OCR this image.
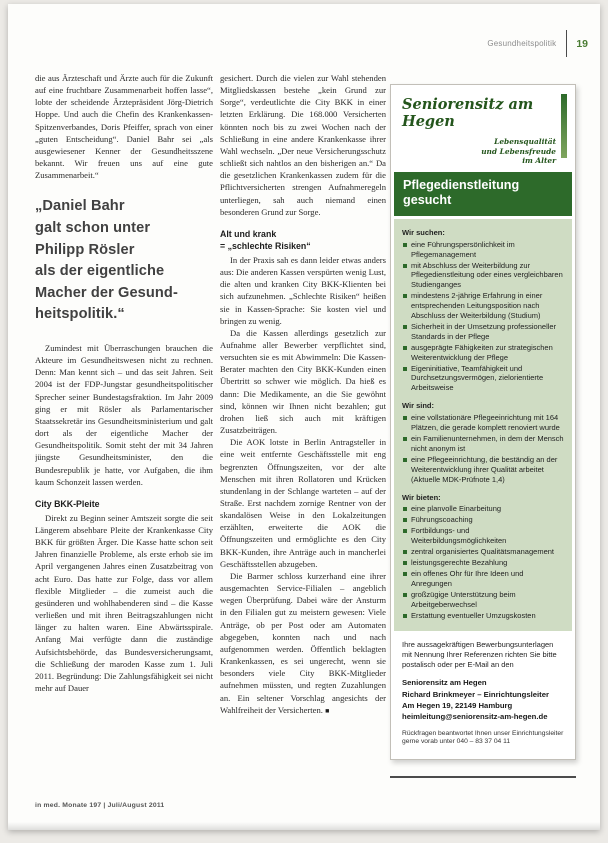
Gesundheitspolitik 19

die aus Ärzteschaft und Ärzte auch für die Zukunft auf eine fruchtbare Zusammenarbeit hoffen lasse“, lobte der scheidende Ärztepräsident Jörg-Dietrich Hoppe. Und auch die Chefin des Krankenkassen-Spitzenverbandes, Doris Pfeiffer, sprach von einer „guten Entscheidung“. Daniel Bahr sei „als ausgewiesener Kenner der Gesundheitsszene bekannt. Wir freuen uns auf eine gute Zusammenarbeit.“

„Daniel Bahr
galt schon unter
Philipp Rösler
als der eigentliche
Macher der Gesund-
heitspolitik.“

Zumindest mit Überraschungen brauchen die Akteure im Gesundheitswesen nicht zu rechnen. Denn: Man kennt sich – und das seit Jahren. Seit 2004 ist der FDP-Jungstar gesundheitspolitischer Sprecher seiner Bundestagsfraktion. Im Jahr 2009 ging er mit Rösler als Parlamentarischer Staatssekretär ins Gesundheitsministerium und galt dort als der eigentliche Macher der Gesundheitspolitik. Somit steht der mit 34 Jahren jüngste Gesundheitsminister, den die Bundesrepublik je hatte, vor Aufgaben, die ihm kaum Schonzeit lassen werden.

City BKK-Pleite

Direkt zu Beginn seiner Amtszeit sorgte die seit Längerem absehbare Pleite der Krankenkasse City BKK für größten Ärger. Die Kasse hatte schon seit Jahren finanzielle Probleme, als erste erhob sie im April vergangenen Jahres einen Zusatzbeitrag von acht Euro. Das hatte zur Folge, dass vor allem flexible Mitglieder – die zumeist auch die gesünderen und wohlhabenderen sind – die Kasse verließen und mit ihren Beitragszahlungen nicht länger zu halten waren. Eine Abwärtsspirale. Anfang Mai verfügte dann die zuständige Aufsichtsbehörde, das Bundesversicherungsamt, die Schließung der maroden Kasse zum 1. Juli 2011. Begründung: Die Zahlungsfähigkeit sei nicht mehr auf Dauer

gesichert. Durch die vielen zur Wahl stehenden Mitgliedskassen bestehe „kein Grund zur Sorge“, verdeutlichte die City BKK in einer letzten Erklärung. Die 168.000 Versicherten könnten noch bis zu zwei Wochen nach der Schließung in eine andere Krankenkasse ihrer Wahl wechseln. „Der neue Versicherungsschutz schließt sich nahtlos an den bisherigen an.“ Da die gesetzlichen Krankenkassen zudem für die Pflichtversicherten strengen Aufnahmeregeln unterliegen, sah auch niemand einen besonderen Grund zur Sorge.

Alt und krank
= „schlechte Risiken“

In der Praxis sah es dann leider etwas anders aus: Die anderen Kassen verspürten wenig Lust, die alten und kranken City BKK-Klienten bei sich aufzunehmen. „Schlechte Risiken“ heißen sie in Kassen-Sprache: Sie kosten viel und bringen zu wenig.

Da die Kassen allerdings gesetzlich zur Aufnahme aller Bewerber verpflichtet sind, versuchten sie es mit Abwimmeln: Die Kassen-Berater machten den City BKK-Kunden einen Übertritt so schwer wie möglich. Da hieß es dann: Die Medikamente, an die Sie gewöhnt sind, können wir Ihnen nicht bezahlen; gut drohen ließ sich auch mit kräftigen Zusatzbeiträgen.

Die AOK lotste in Berlin Antragsteller in eine weit entfernte Geschäftsstelle mit eng begrenzten Öffnungszeiten, vor der alte Menschen mit ihren Rollatoren und Krücken stundenlang in der Schlange warteten – auf der Straße. Erst nachdem zornige Rentner von der skandalösen Weise in den Lokalzeitungen erzählten, erweiterte die AOK die Öffnungszeiten und ermöglichte es den City BKK-Kunden, ihre Anträge auch in mancherlei Geschäftsstellen abzugeben.

Die Barmer schloss kurzerhand eine ihrer ausgemachten Service-Filialen – angeblich wegen Überprüfung. Dabei wäre der Ansturm in den Filialen gut zu meistern gewesen: Viele Anträge, ob per Post oder am Automaten abgegeben, konnten nach und nach aufgenommen werden. Öffentlich beklagten Krankenkassen, es sei ungerecht, wenn sie besonders viele City BKK-Mitglieder aufnehmen müssten, und regten Zuzahlungen an. Ein seltener Vorschlag angesichts der Wahlfreiheit der Versicherten. ■

Seniorensitz am Hegen
Lebensqualität
und Lebensfreude
im Alter
Pflegedienstleitung
gesucht
Wir suchen:
eine Führungspersönlichkeit im Pflegemanagement
mit Abschluss der Weiterbildung zur Pflegedienstleitung oder eines vergleichbaren Studienganges
mindestens 2-jährige Erfahrung in einer entsprechenden Leitungsposition nach Abschluss der Weiterbildung (Studium)
Sicherheit in der Umsetzung professioneller Standards in der Pflege
ausgeprägte Fähigkeiten zur strategischen Weiterentwicklung der Pflege
Eigeninitiative, Teamfähigkeit und Durchsetzungsvermögen, zielorientierte Arbeitsweise
Wir sind:
eine vollstationäre Pflegeeinrichtung mit 164 Plätzen, die gerade komplett renoviert wurde
ein Familienunternehmen, in dem der Mensch nicht anonym ist
eine Pflegeeinrichtung, die beständig an der Weiterentwicklung ihrer Qualität arbeitet (Aktuelle MDK-Prüfnote 1,4)
Wir bieten:
eine planvolle Einarbeitung
Führungscoaching
Fortbildungs- und Weiterbildungsmöglichkeiten
zentral organisiertes Qualitätsmanagement
leistungsgerechte Bezahlung
ein offenes Ohr für Ihre Ideen und Anregungen
großzügige Unterstützung beim Arbeitgeberwechsel
Erstattung eventueller Umzugskosten
Ihre aussagekräftigen Bewerbungsunterlagen mit Nennung Ihrer Referenzen richten Sie bitte postalisch oder per E-Mail an den
Seniorensitz am Hegen
Richard Brinkmeyer – Einrichtungsleiter
Am Hegen 19, 22149 Hamburg
heimleitung@seniorensitz-am-hegen.de
Rückfragen beantwortet Ihnen unser Einrichtungsleiter gerne vorab unter 040 – 83 37 04 11
in med. Monate 197 | Juli/August 2011
